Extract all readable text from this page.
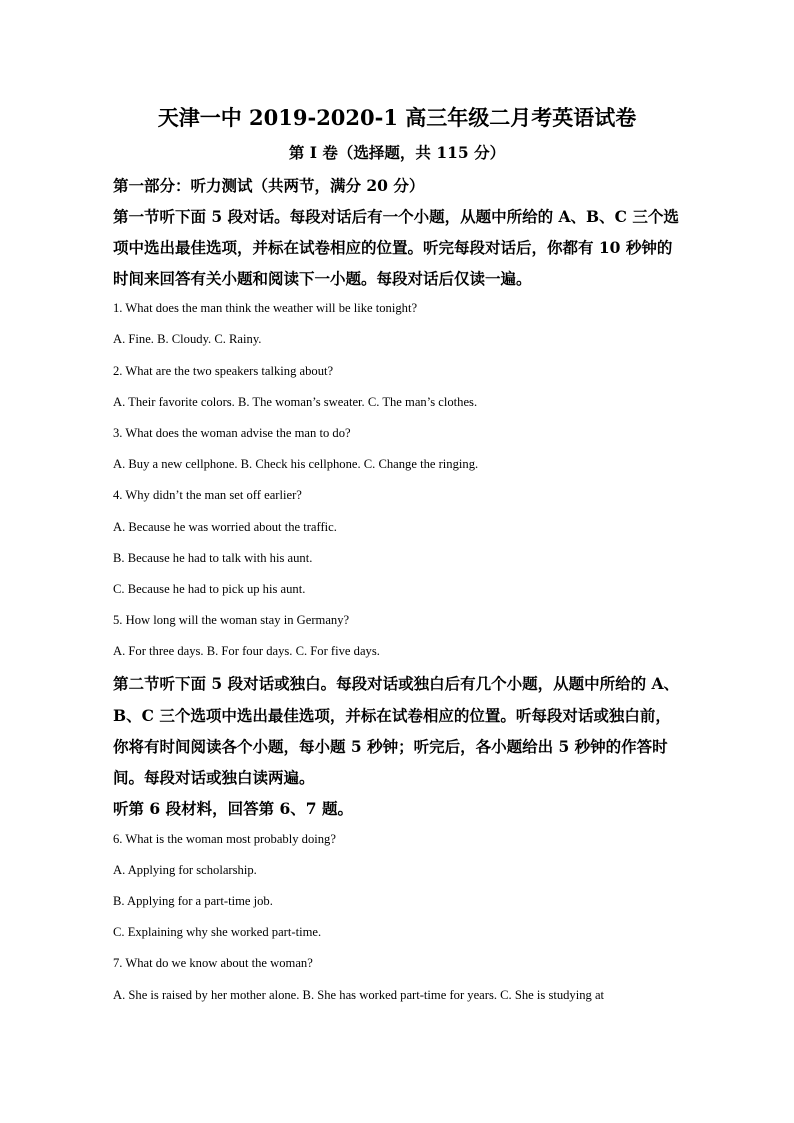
天津一中 2019-2020-1 高三年级二月考英语试卷
第 I 卷（选择题，共 115 分）
第一部分：听力测试（共两节，满分 20 分）
第一节听下面 5 段对话。每段对话后有一个小题，从题中所给的 A、B、C 三个选
项中选出最佳选项，并标在试卷相应的位置。听完每段对话后，你都有 10 秒钟的
时间来回答有关小题和阅读下一小题。每段对话后仅读一遍。
1. What does the man think the weather will be like tonight?
A. Fine. B. Cloudy. C. Rainy.
2. What are the two speakers talking about?
A. Their favorite colors. B. The woman’s sweater. C. The man’s clothes.
3. What does the woman advise the man to do?
A. Buy a new cellphone. B. Check his cellphone. C. Change the ringing.
4. Why didn’t the man set off earlier?
A. Because he was worried about the traffic.
B. Because he had to talk with his aunt.
C. Because he had to pick up his aunt.
5. How long will the woman stay in Germany?
A. For three days. B. For four days. C. For five days.
第二节听下面 5 段对话或独白。每段对话或独白后有几个小题，从题中所给的 A、
B、C 三个选项中选出最佳选项，并标在试卷相应的位置。听每段对话或独白前，
你将有时间阅读各个小题，每小题 5 秒钟；听完后，各小题给出 5 秒钟的作答时
间。每段对话或独白读两遍。
听第 6 段材料，回答第 6、7 题。
6. What is the woman most probably doing?
A. Applying for scholarship.
B. Applying for a part-time job.
C. Explaining why she worked part-time.
7. What do we know about the woman?
A. She is raised by her mother alone. B. She has worked part-time for years. C. She is studying at
